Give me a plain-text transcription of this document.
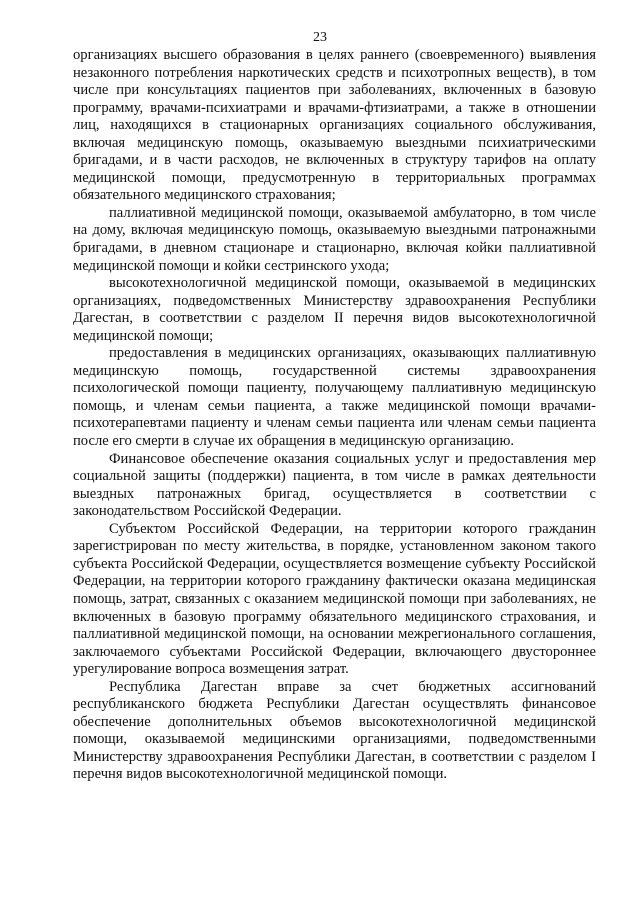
23

организациях высшего образования в целях раннего (своевременного) выявления незаконного потребления наркотических средств и психотропных веществ), в том числе при консультациях пациентов при заболеваниях, включенных в базовую программу, врачами-психиатрами и врачами-фтизиатрами, а также в отношении лиц, находящихся в стационарных организациях социального обслуживания, включая медицинскую помощь, оказываемую выездными психиатрическими бригадами, и в части расходов, не включенных в структуру тарифов на оплату медицинской помощи, предусмотренную в территориальных программах обязательного медицинского страхования;

паллиативной медицинской помощи, оказываемой амбулаторно, в том числе на дому, включая медицинскую помощь, оказываемую выездными патронажными бригадами, в дневном стационаре и стационарно, включая койки паллиативной медицинской помощи и койки сестринского ухода;

высокотехнологичной медицинской помощи, оказываемой в медицинских организациях, подведомственных Министерству здравоохранения Республики Дагестан, в соответствии с разделом II перечня видов высокотехнологичной медицинской помощи;

предоставления в медицинских организациях, оказывающих паллиативную медицинскую помощь, государственной системы здравоохранения психологической помощи пациенту, получающему паллиативную медицинскую помощь, и членам семьи пациента, а также медицинской помощи врачами-психотерапевтами пациенту и членам семьи пациента или членам семьи пациента после его смерти в случае их обращения в медицинскую организацию.

Финансовое обеспечение оказания социальных услуг и предоставления мер социальной защиты (поддержки) пациента, в том числе в рамках деятельности выездных патронажных бригад, осуществляется в соответствии с законодательством Российской Федерации.

Субъектом Российской Федерации, на территории которого гражданин зарегистрирован по месту жительства, в порядке, установленном законом такого субъекта Российской Федерации, осуществляется возмещение субъекту Российской Федерации, на территории которого гражданину фактически оказана медицинская помощь, затрат, связанных с оказанием медицинской помощи при заболеваниях, не включенных в базовую программу обязательного медицинского страхования, и паллиативной медицинской помощи, на основании межрегионального соглашения, заключаемого субъектами Российской Федерации, включающего двустороннее урегулирование вопроса возмещения затрат.

Республика Дагестан вправе за счет бюджетных ассигнований республиканского бюджета Республики Дагестан осуществлять финансовое обеспечение дополнительных объемов высокотехнологичной медицинской помощи, оказываемой медицинскими организациями, подведомственными Министерству здравоохранения Республики Дагестан, в соответствии с разделом I перечня видов высокотехнологичной медицинской помощи.
